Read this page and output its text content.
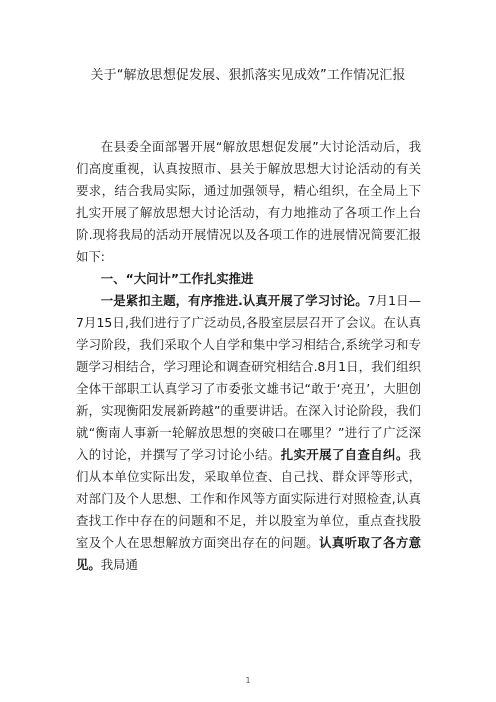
关于“解放思想促发展、狠抓落实见成效”工作情况汇报

在县委全面部署开展“解放思想促发展”大讨论活动后，我们高度重视，认真按照市、县关于解放思想大讨论活动的有关要求，结合我局实际，通过加强领导，精心组织，在全局上下扎实开展了解放思想大讨论活动，有力地推动了各项工作上台阶.现将我局的活动开展情况以及各项工作的进展情况简要汇报如下:

一、“大问计”工作扎实推进

一是紧扣主题，有序推进.认真开展了学习讨论。7月1日—7月15日,我们进行了广泛动员,各股室层层召开了会议。在认真学习阶段，我们采取个人自学和集中学习相结合,系统学习和专题学习相结合，学习理论和调查研究相结合.8月1日，我们组织全体干部职工认真学习了市委张文雄书记“敢于‘亮丑’，大胆创新，实现衡阳发展新跨越”的重要讲话。在深入讨论阶段，我们就“衡南人事新一轮解放思想的突破口在哪里？”进行了广泛深入的讨论，并撰写了学习讨论小结。扎实开展了自查自纠。我们从本单位实际出发，采取单位查、自己找、群众评等形式，对部门及个人思想、工作和作风等方面实际进行对照检查,认真查找工作中存在的问题和不足，并以股室为单位，重点查找股室及个人在思想解放方面突出存在的问题。认真听取了各方意见。我局通

1
